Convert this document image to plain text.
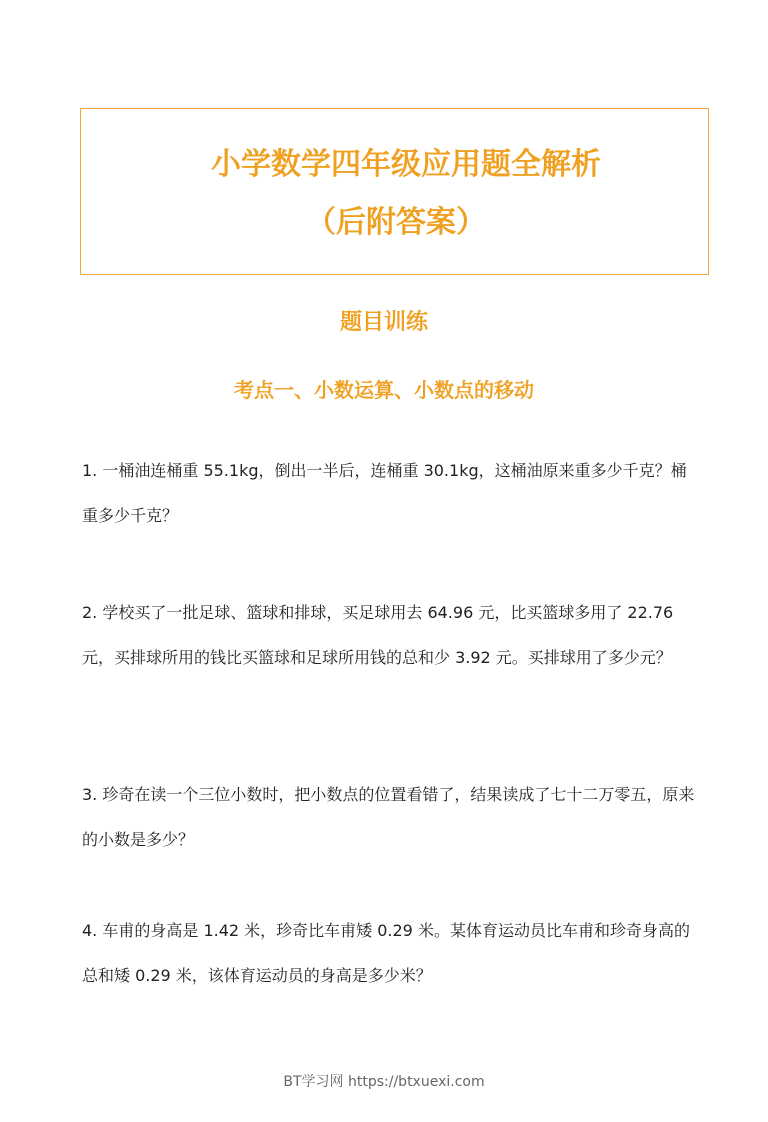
小学数学四年级应用题全解析
（后附答案）
题目训练
考点一、小数运算、小数点的移动
1. 一桶油连桶重 55.1kg，倒出一半后，连桶重 30.1kg，这桶油原来重多少千克？桶重多少千克？
2. 学校买了一批足球、篮球和排球，买足球用去 64.96 元，比买篮球多用了 22.76 元，买排球所用的钱比买篮球和足球所用钱的总和少 3.92 元。买排球用了多少元？
3. 珍奇在读一个三位小数时，把小数点的位置看错了，结果读成了七十二万零五，原来的小数是多少？
4. 车甫的身高是 1.42 米，珍奇比车甫矮 0.29 米。某体育运动员比车甫和珍奇身高的总和矮 0.29 米，该体育运动员的身高是多少米？
BT学习网 https://btxuexi.com
